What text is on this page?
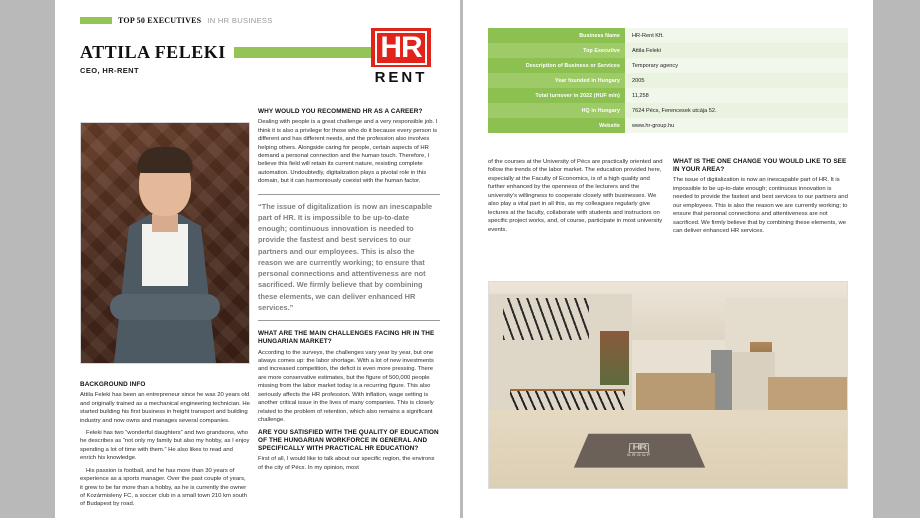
TOP 50 EXECUTIVES IN HR BUSINESS
ATTILA FELEKI
CEO, HR-RENT
HR
RENT
BACKGROUND INFO

Attila Feleki has been an entrepreneur since he was 20 years old and originally trained as a mechanical engineering technician. He started building his first business in freight transport and building industry and now owns and manages several companies.

Feleki has two “wonderful daughters” and two grandsons, who he describes as “not only my family but also my hobby, as I enjoy spending a lot of time with them.” He also likes to read and enrich his knowledge.

His passion is football, and he has more than 30 years of experience as a sports manager. Over the past couple of years, it grew to be far more than a hobby, as he is currently the owner of Kozármisleny FC, a soccer club in a small town 210 km south of Budapest by road.

WHY WOULD YOU RECOMMEND HR AS A CAREER?

Dealing with people is a great challenge and a very responsible job. I think it is also a privilege for those who do it because every person is different and has different needs, and the profession also involves helping others. Alongside caring for people, certain aspects of HR demand a personal connection and the human touch. Therefore, I believe this field will retain its current nature, resisting complete automation. Undoubtedly, digitalization plays a pivotal role in this domain, but it can harmoniously coexist with the human factor.

“The issue of digitalization is now an inescapable part of HR. It is impossible to be up-to-date enough; continuous innovation is needed to provide the fastest and best services to our partners and our employees. This is also the reason we are currently working; to ensure that personal connections and attentiveness are not sacrificed. We firmly believe that by combining these elements, we can deliver enhanced HR services.”

WHAT ARE THE MAIN CHALLENGES FACING HR IN THE HUNGARIAN MARKET?

According to the surveys, the challenges vary year by year, but one always comes up: the labor shortage. With a lot of new investments and increased competition, the deficit is even more pressing. There are more conservative estimates, but the figure of 500,000 people missing from the labor market today is a recurring figure. This also seriously affects the HR profession. With inflation, wage setting is another critical issue in the lives of many companies. This is closely related to the problem of retention, which also remains a significant challenge.

ARE YOU SATISFIED WITH THE QUALITY OF EDUCATION OF THE HUNGARIAN WORKFORCE IN GENERAL AND SPECIFICALLY WITH PRACTICAL HR EDUCATION?

First of all, I would like to talk about our specific region, the environs of the city of Pécs. In my opinion, most

Business Name	HR-Rent Kft.
Top Executive	Attila Feleki
Description of Business or Services	Temporary agency
Year founded in Hungary	2005
Total turnover in 2022 (HUF mln)	11,258
HQ in Hungary	7624 Pécs, Ferencesek utcája 52.
Website	www.hr-group.hu

of the courses at the University of Pécs are practically oriented and follow the trends of the labor market. The education provided here, especially at the Faculty of Economics, is of a high quality and further enhanced by the openness of the lecturers and the university’s willingness to cooperate closely with businesses. We also play a vital part in all this, as my colleagues regularly give lectures at the faculty, collaborate with students and instructors on specific project works, and, of course, participate in most university events.

WHAT IS THE ONE CHANGE YOU WOULD LIKE TO SEE IN YOUR AREA?

The issue of digitalization is now an inescapable part of HR. It is impossible to be up-to-date enough; continuous innovation is needed to provide the fastest and best services to our partners and our employees. This is also the reason we are currently working; to ensure that personal connections and attentiveness are not sacrificed. We firmly believe that by combining these elements, we can deliver enhanced HR services.

HR
GROUP
